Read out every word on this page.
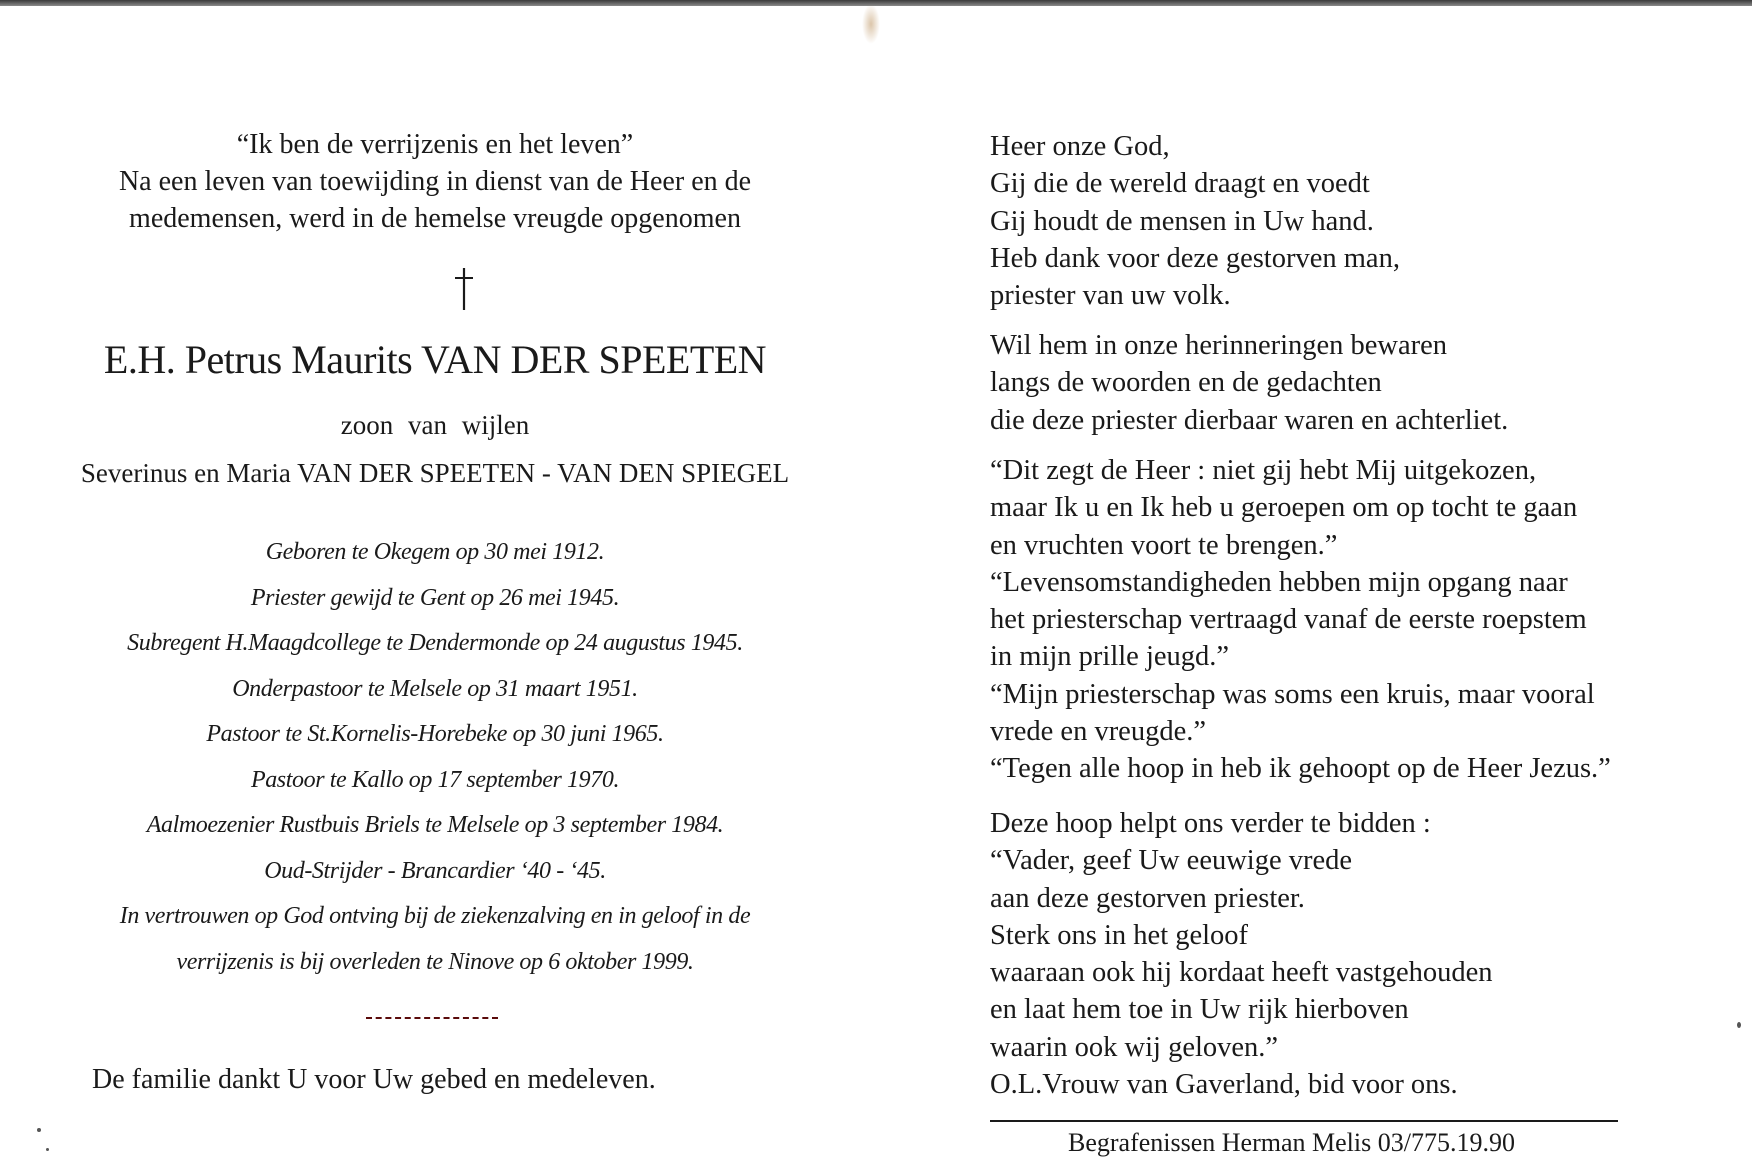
“Ik ben de verrijzenis en het leven”
Na een leven van toewijding in dienst van de Heer en de
medemensen, werd in de hemelse vreugde opgenomen
E.H. Petrus Maurits VAN DER SPEETEN
zoon van wijlen
Severinus en Maria VAN DER SPEETEN - VAN DEN SPIEGEL
Geboren te Okegem op 30 mei 1912.
Priester gewijd te Gent op 26 mei 1945.
Subregent H.Maagdcollege te Dendermonde op 24 augustus 1945.
Onderpastoor te Melsele op 31 maart 1951.
Pastoor te St.Kornelis-Horebeke op 30 juni 1965.
Pastoor te Kallo op 17 september 1970.
Aalmoezenier Rustbuis Briels te Melsele op 3 september 1984.
Oud-Strijder - Brancardier ‘40 - ‘45.
In vertrouwen op God ontving bij de ziekenzalving en in geloof in de
verrijzenis is bij overleden te Ninove op 6 oktober 1999.
De familie dankt U voor Uw gebed en medeleven.
Heer onze God,
Gij die de wereld draagt en voedt
Gij houdt de mensen in Uw hand.
Heb dank voor deze gestorven man,
priester van uw volk.
Wil hem in onze herinneringen bewaren
langs de woorden en de gedachten
die deze priester dierbaar waren en achterliet.
“Dit zegt de Heer : niet gij hebt Mij uitgekozen,
maar Ik u en Ik heb u geroepen om op tocht te gaan
en vruchten voort te brengen.”
“Levensomstandigheden hebben mijn opgang naar
het priesterschap vertraagd vanaf de eerste roepstem
in mijn prille jeugd.”
“Mijn priesterschap was soms een kruis, maar vooral
vrede en vreugde.”
“Tegen alle hoop in heb ik gehoopt op de Heer Jezus.”
Deze hoop helpt ons verder te bidden :
“Vader, geef Uw eeuwige vrede
aan deze gestorven priester.
Sterk ons in het geloof
waaraan ook hij kordaat heeft vastgehouden
en laat hem toe in Uw rijk hierboven
waarin ook wij geloven.”
O.L.Vrouw van Gaverland, bid voor ons.
Begrafenissen Herman Melis 03/775.19.90
